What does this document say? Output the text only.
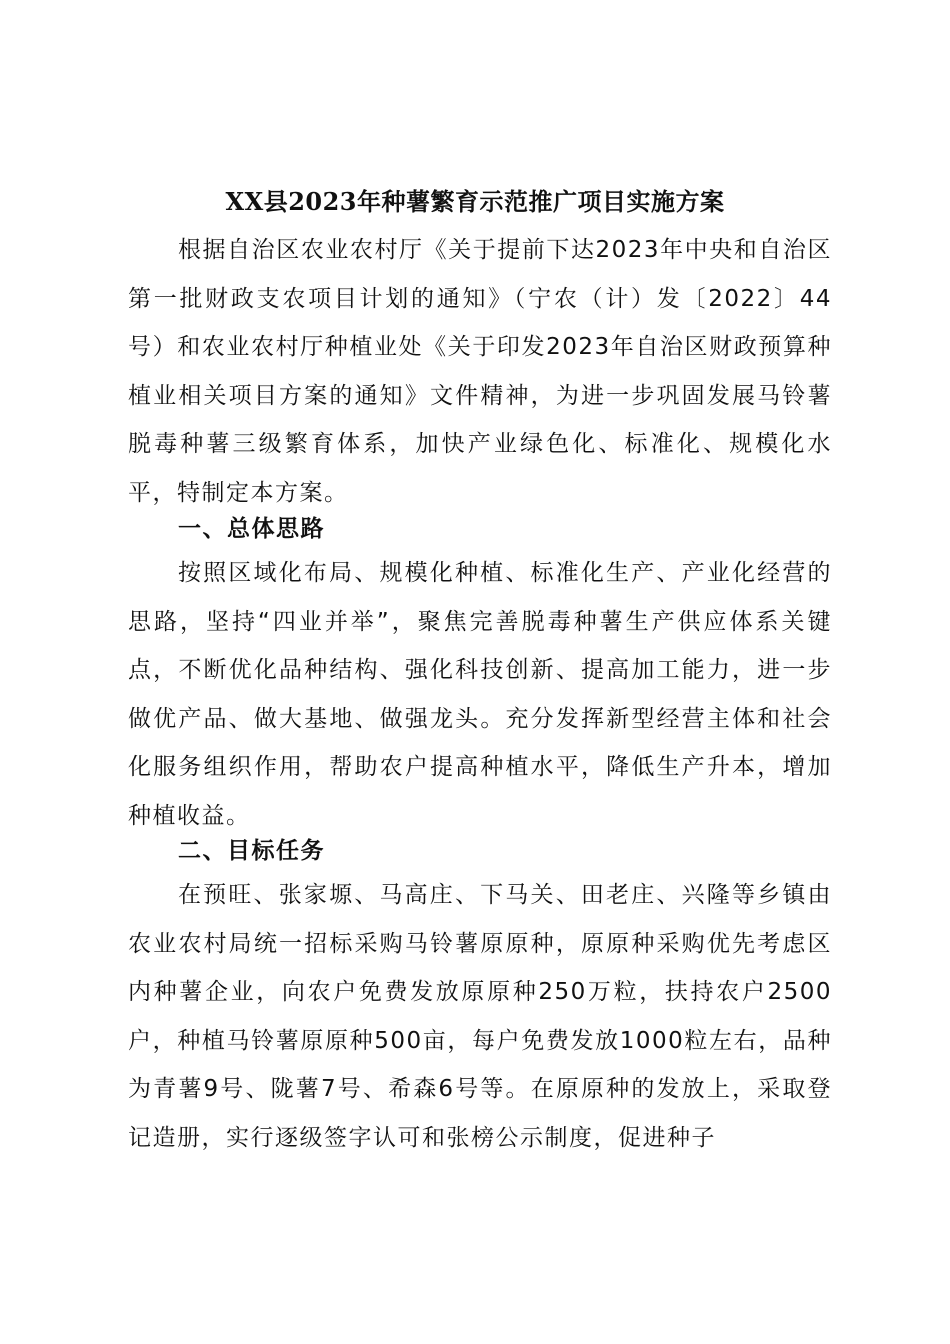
XX县2023年种薯繁育示范推广项目实施方案

根据自治区农业农村厅《关于提前下达2023年中央和自治区第一批财政支农项目计划的通知》（宁农（计）发〔2022〕44号）和农业农村厅种植业处《关于印发2023年自治区财政预算种植业相关项目方案的通知》文件精神，为进一步巩固发展马铃薯脱毒种薯三级繁育体系，加快产业绿色化、标准化、规模化水平，特制定本方案。

一、总体思路

按照区域化布局、规模化种植、标准化生产、产业化经营的思路，坚持“四业并举”，聚焦完善脱毒种薯生产供应体系关键点，不断优化品种结构、强化科技创新、提高加工能力，进一步做优产品、做大基地、做强龙头。充分发挥新型经营主体和社会化服务组织作用，帮助农户提高种植水平，降低生产升本，增加种植收益。

二、目标任务

在预旺、张家塬、马高庄、下马关、田老庄、兴隆等乡镇由农业农村局统一招标采购马铃薯原原种，原原种采购优先考虑区内种薯企业，向农户免费发放原原种250万粒，扶持农户2500户，种植马铃薯原原种500亩，每户免费发放1000粒左右，品种为青薯9号、陇薯7号、希森6号等。在原原种的发放上，采取登记造册，实行逐级签字认可和张榜公示制度，促进种子
